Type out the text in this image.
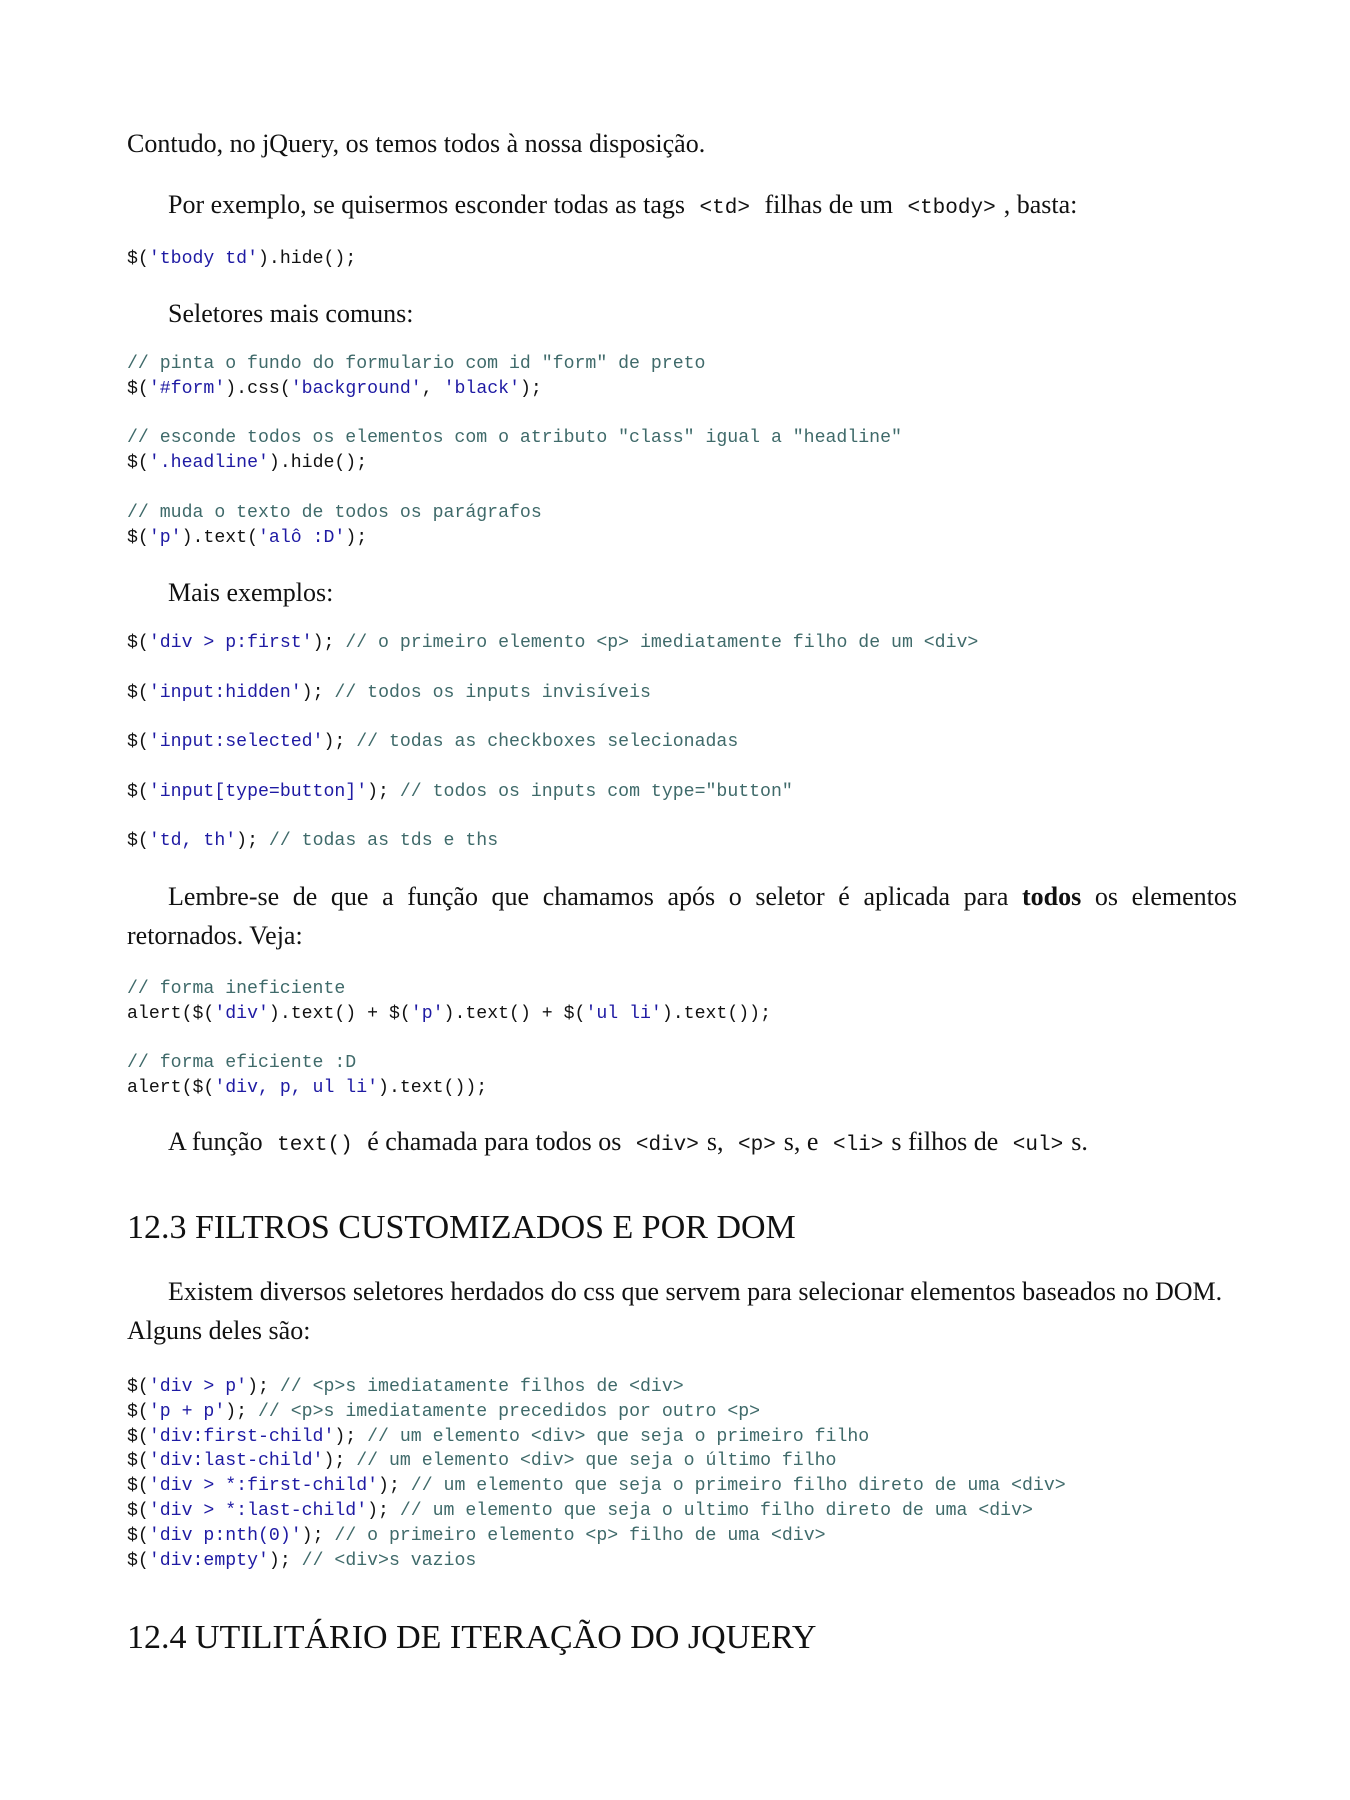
Contudo, no jQuery, os temos todos à nossa disposição.

Por exemplo, se quisermos esconder todas as tags <td> filhas de um <tbody> , basta:

$('tbody td').hide();

Seletores mais comuns:

// pinta o fundo do formulario com id "form" de preto
$('#form').css('background', 'black');
// esconde todos os elementos com o atributo "class" igual a "headline"
$('.headline').hide();
// muda o texto de todos os parágrafos
$('p').text('alô :D');

Mais exemplos:

$('div > p:first'); // o primeiro elemento <p> imediatamente filho de um <div>
$('input:hidden'); // todos os inputs invisíveis
$('input:selected'); // todas as checkboxes selecionadas
$('input[type=button]'); // todos os inputs com type="button"
$('td, th'); // todas as tds e ths

Lembre-se de que a função que chamamos após o seletor é aplicada para todos os elementos retornados. Veja:

// forma ineficiente
alert($('div').text() + $('p').text() + $('ul li').text());
// forma eficiente :D
alert($('div, p, ul li').text());

A função text() é chamada para todos os <div> s, <p> s, e <li> s filhos de <ul> s.

12.3 FILTROS CUSTOMIZADOS E POR DOM

Existem diversos seletores herdados do css que servem para selecionar elementos baseados no DOM. Alguns deles são:

$('div > p'); // <p>s imediatamente filhos de <div>
$('p + p'); // <p>s imediatamente precedidos por outro <p>
$('div:first-child'); // um elemento <div> que seja o primeiro filho
$('div:last-child'); // um elemento <div> que seja o último filho
$('div > *:first-child'); // um elemento que seja o primeiro filho direto de uma <div>
$('div > *:last-child'); // um elemento que seja o ultimo filho direto de uma <div>
$('div p:nth(0)'); // o primeiro elemento <p> filho de uma <div>
$('div:empty'); // <div>s vazios
12.4 UTILITÁRIO DE ITERAÇÃO DO JQUERY
